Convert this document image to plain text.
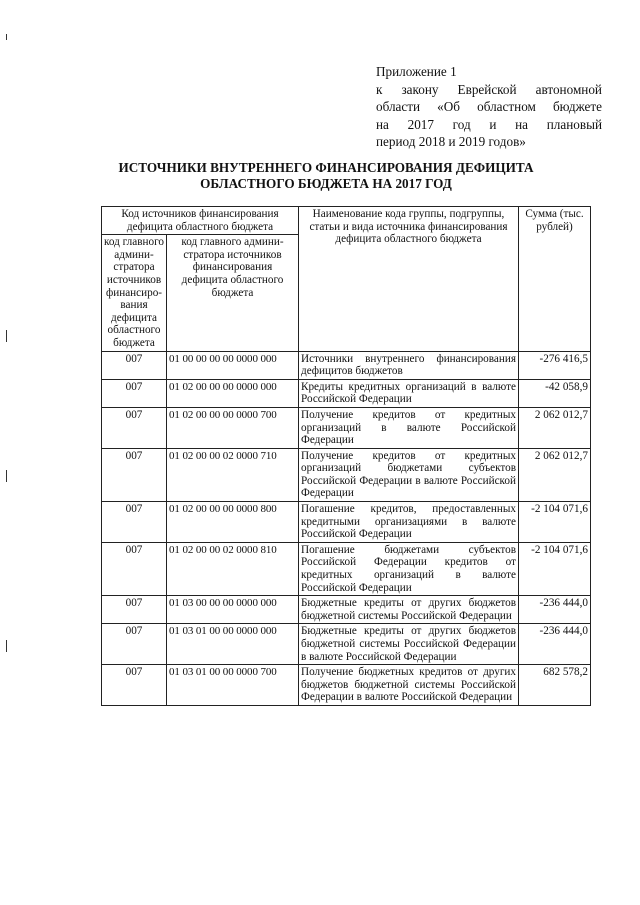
Приложение 1
к закону Еврейской автономной
области «Об областном бюджете
на 2017 год и на плановый
период 2018 и 2019 годов»
ИСТОЧНИКИ ВНУТРЕННЕГО ФИНАНСИРОВАНИЯ ДЕФИЦИТА
ОБЛАСТНОГО БЮДЖЕТА НА 2017 ГОД
Код источников финансирования дефицита областного бюджета		Наименование кода группы, подгруппы, статьи и вида источника финансирования дефицита областного бюджета	Сумма (тыс. рублей)
код главного админи-стратора источников финансиро-вания дефицита областного бюджета	код главного админи-стратора источников финансирования дефицита областного бюджета		
007	01 00 00 00 00 0000 000	Источники внутреннего финансирования дефицитов бюджетов	-276 416,5
007	01 02 00 00 00 0000 000	Кредиты кредитных организаций в валюте Российской Федерации	-42 058,9
007	01 02 00 00 00 0000 700	Получение кредитов от кредитных организаций в валюте Российской Федерации	2 062 012,7
007	01 02 00 00 02 0000 710	Получение кредитов от кредитных организаций бюджетами субъектов Российской Федерации в валюте Российской Федерации	2 062 012,7
007	01 02 00 00 00 0000 800	Погашение кредитов, предоставленных кредитными организациями в валюте Российской Федерации	-2 104 071,6
007	01 02 00 00 02 0000 810	Погашение бюджетами субъектов Российской Федерации кредитов от кредитных организаций в валюте Российской Федерации	-2 104 071,6
007	01 03 00 00 00 0000 000	Бюджетные кредиты от других бюджетов бюджетной системы Российской Федерации	-236 444,0
007	01 03 01 00 00 0000 000	Бюджетные кредиты от других бюджетов бюджетной системы Российской Федерации в валюте Российской Федерации	-236 444,0
007	01 03 01 00 00 0000 700	Получение бюджетных кредитов от других бюджетов бюджетной системы Российской Федерации в валюте Российской Федерации	682 578,2
